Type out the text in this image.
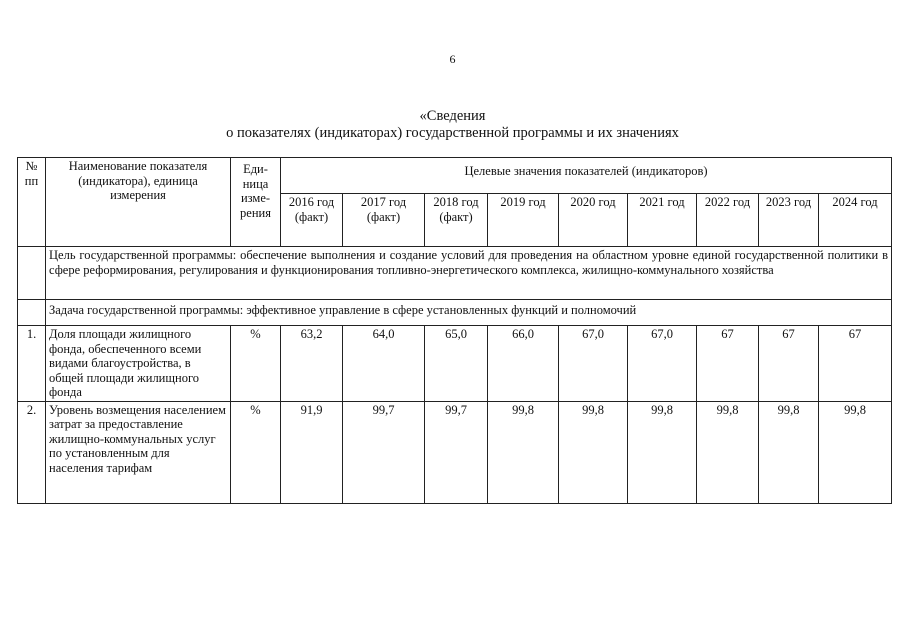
6
«Сведения
о показателях (индикаторах) государственной программы и их значениях
№ пп	Наименование показателя (индикатора), единица измерения	Еди-ница изме-рения	Целевые значения показателей (индикаторов)								
			2016 год (факт)	2017 год (факт)	2018 год (факт)	2019 год	2020 год	2021 год	2022 год	2023 год	2024 год
	Цель государственной программы: обеспечение выполнения и создание условий для проведения на областном уровне единой государственной политики в сфере реформирования, регулирования и функционирования топливно-энергетического комплекса, жилищно-коммунального хозяйства										
	Задача государственной программы: эффективное управление в сфере установленных функций и полномочий										
1.	Доля площади жилищного фонда, обеспеченного всеми видами благоустройства, в общей площади жилищного фонда	%	63,2	64,0	65,0	66,0	67,0	67,0	67	67	67
2.	Уровень возмещения населением затрат за предоставление жилищно-коммунальных услуг по установленным для населения тарифам	%	91,9	99,7	99,7	99,8	99,8	99,8	99,8	99,8	99,8
